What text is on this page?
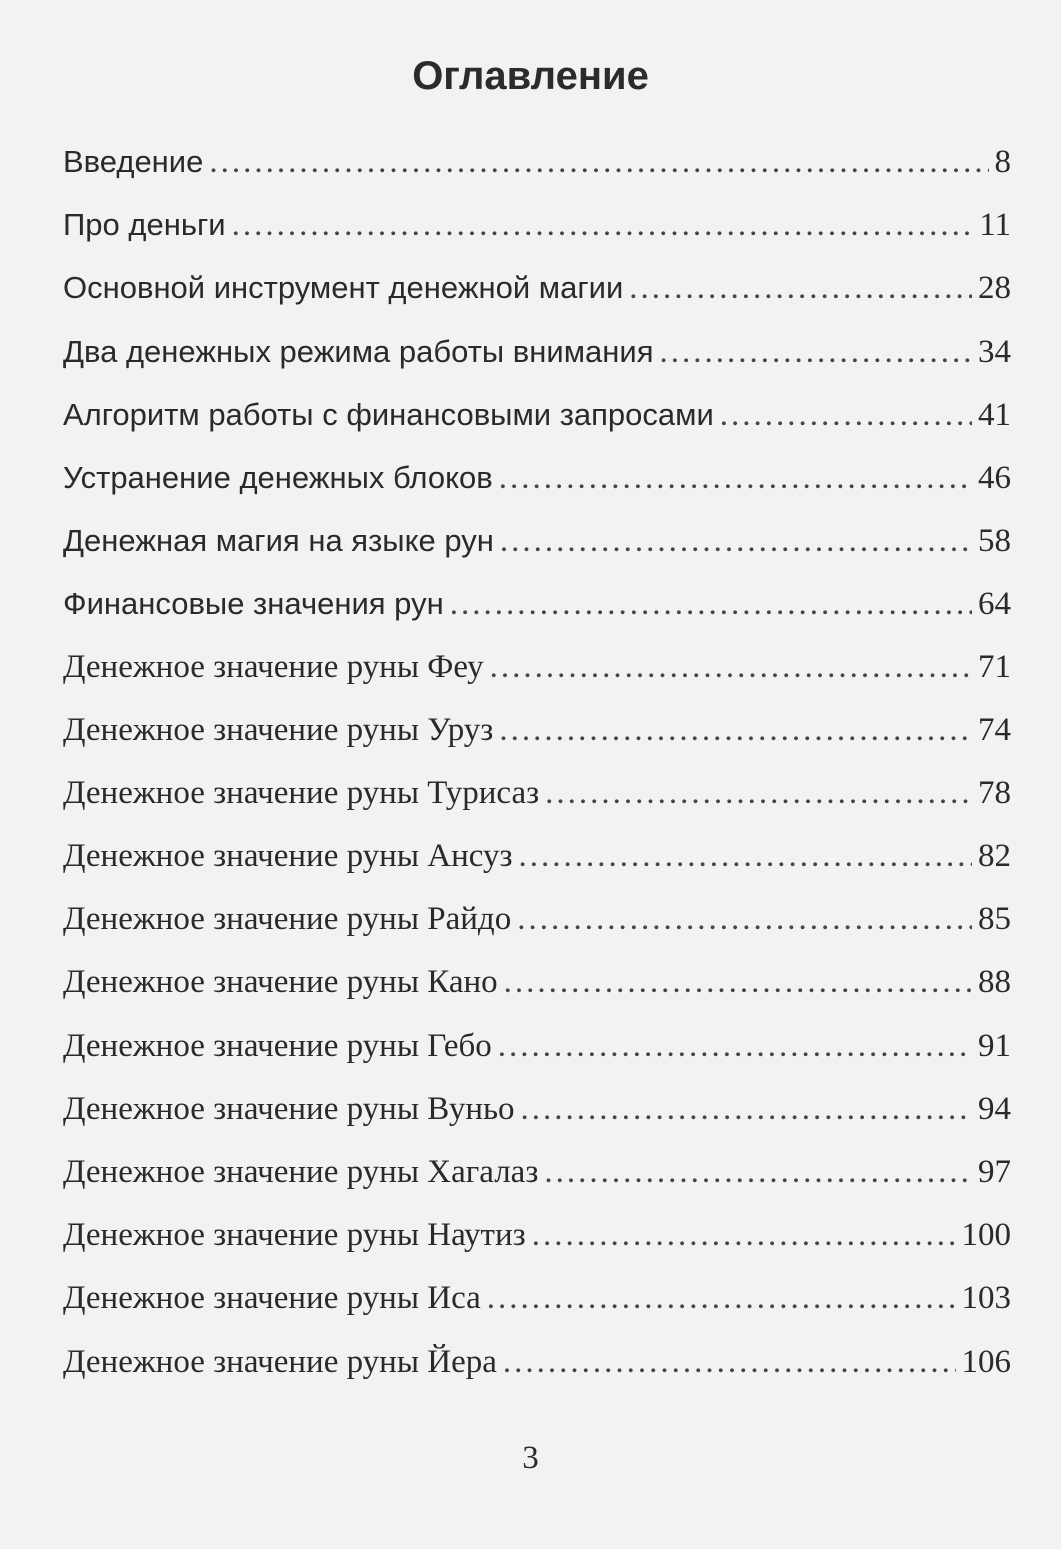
Оглавление
Введение .....	8
Про деньги .....	11
Основной инструмент денежной магии .....	28
Два денежных режима работы внимания .....	34
Алгоритм работы с финансовыми запросами .....	41
Устранение денежных блоков .....	46
Денежная магия на языке рун .....	58
Финансовые значения рун .....	64
Денежное значение руны Феу .....	71
Денежное значение руны Уруз .....	74
Денежное значение руны Турисаз .....	78
Денежное значение руны Ансуз .....	82
Денежное значение руны Райдо .....	85
Денежное значение руны Кано .....	88
Денежное значение руны Гебо .....	91
Денежное значение руны Вуньо .....	94
Денежное значение руны Хагалаз .....	97
Денежное значение руны Наутиз .....	100
Денежное значение руны Иса .....	103
Денежное значение руны Йера .....	106
3
